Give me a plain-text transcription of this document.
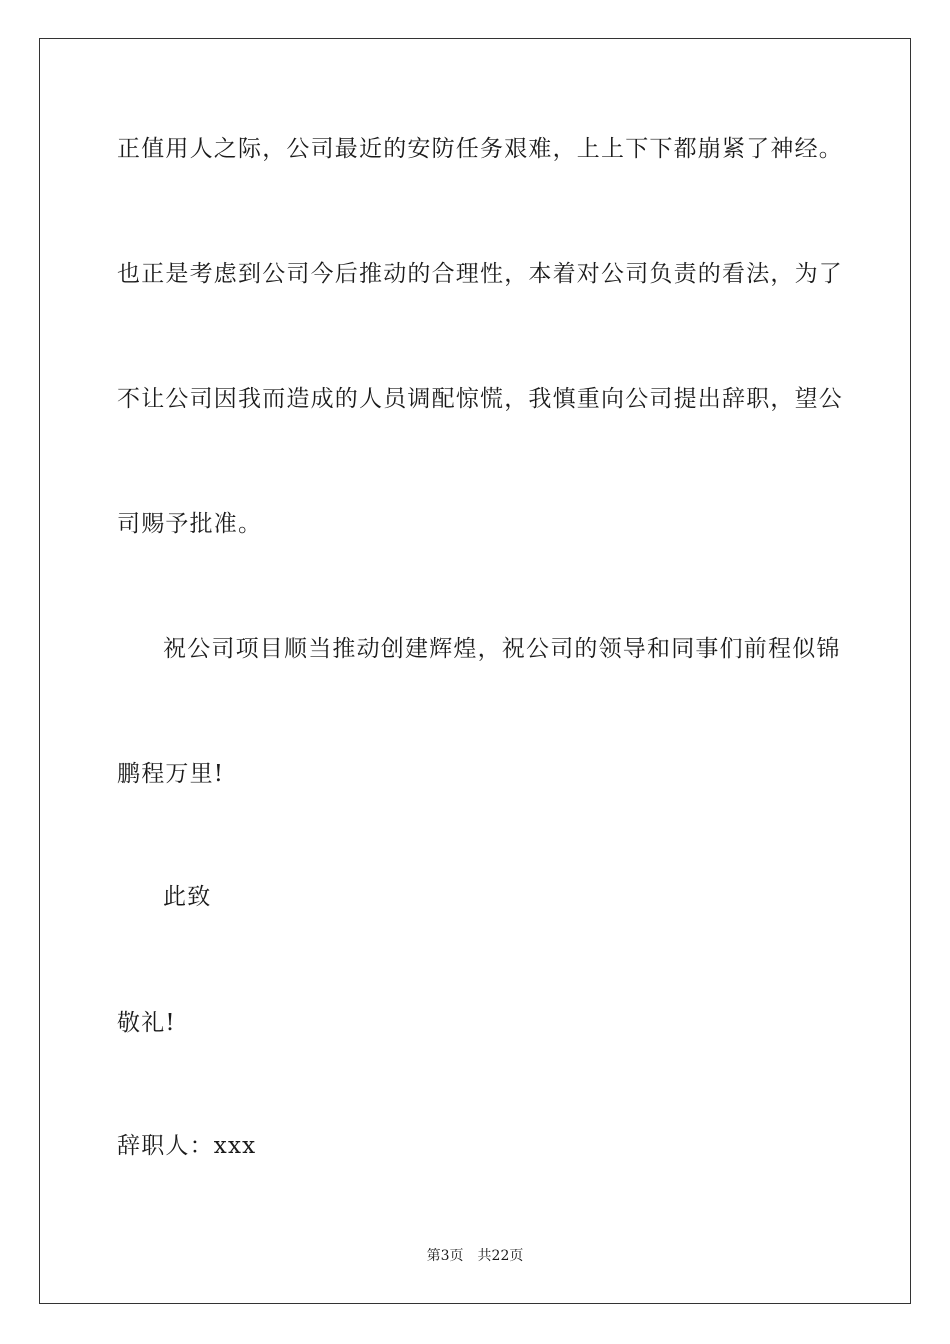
正值用人之际，公司最近的安防任务艰难，上上下下都崩紧了神经。
也正是考虑到公司今后推动的合理性，本着对公司负责的看法，为了
不让公司因我而造成的人员调配惊慌，我慎重向公司提出辞职，望公
司赐予批准。
祝公司项目顺当推动创建辉煌，祝公司的领导和同事们前程似锦
鹏程万里!
此致
敬礼!
辞职人：xxx
第3页 共22页
